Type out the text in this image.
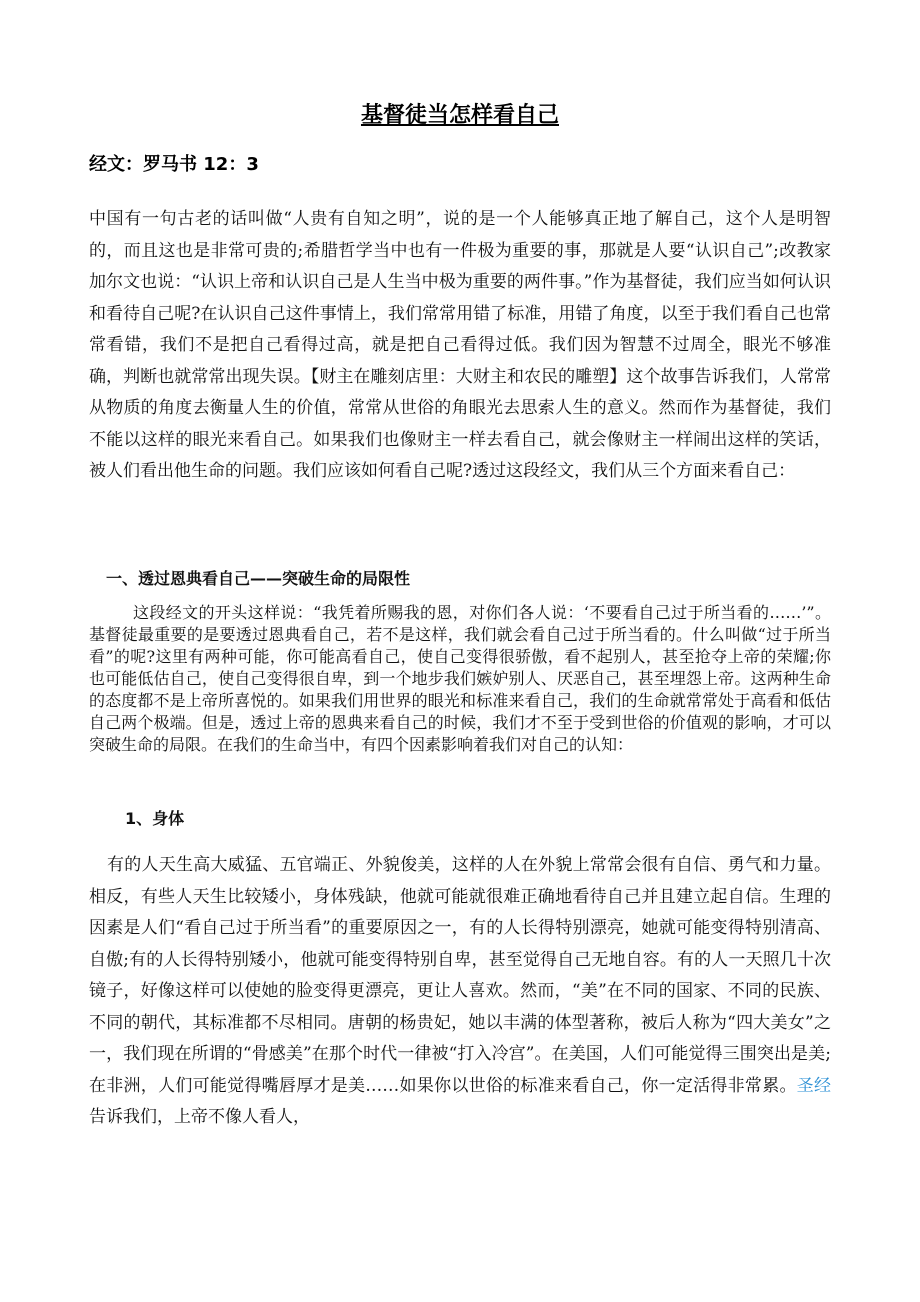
基督徒当怎样看自己

经文：罗马书 12：3

中国有一句古老的话叫做“人贵有自知之明”，说的是一个人能够真正地了解自己，这个人是明智的，而且这也是非常可贵的;希腊哲学当中也有一件极为重要的事，那就是人要“认识自己”;改教家加尔文也说：“认识上帝和认识自己是人生当中极为重要的两件事。”作为基督徒，我们应当如何认识和看待自己呢?在认识自己这件事情上，我们常常用错了标准，用错了角度，以至于我们看自己也常常看错，我们不是把自己看得过高，就是把自己看得过低。我们因为智慧不过周全，眼光不够准确，判断也就常常出现失误。【财主在雕刻店里：大财主和农民的雕塑】这个故事告诉我们，人常常从物质的角度去衡量人生的价值，常常从世俗的角眼光去思索人生的意义。然而作为基督徒，我们不能以这样的眼光来看自己。如果我们也像财主一样去看自己，就会像财主一样闹出这样的笑话，被人们看出他生命的问题。我们应该如何看自己呢?透过这段经文，我们从三个方面来看自己：

一、透过恩典看自己——突破生命的局限性

这段经文的开头这样说：“我凭着所赐我的恩，对你们各人说：‘不要看自己过于所当看的……’”。基督徒最重要的是要透过恩典看自己，若不是这样，我们就会看自己过于所当看的。什么叫做“过于所当看”的呢?这里有两种可能，你可能高看自己，使自己变得很骄傲，看不起别人，甚至抢夺上帝的荣耀;你也可能低估自己，使自己变得很自卑，到一个地步我们嫉妒别人、厌恶自己，甚至埋怨上帝。这两种生命的态度都不是上帝所喜悦的。如果我们用世界的眼光和标准来看自己，我们的生命就常常处于高看和低估自己两个极端。但是，透过上帝的恩典来看自己的时候，我们才不至于受到世俗的价值观的影响，才可以突破生命的局限。在我们的生命当中，有四个因素影响着我们对自己的认知：

1、身体

有的人天生高大威猛、五官端正、外貌俊美，这样的人在外貌上常常会很有自信、勇气和力量。相反，有些人天生比较矮小，身体残缺，他就可能就很难正确地看待自己并且建立起自信。生理的因素是人们“看自己过于所当看”的重要原因之一，有的人长得特别漂亮，她就可能变得特别清高、自傲;有的人长得特别矮小，他就可能变得特别自卑，甚至觉得自己无地自容。有的人一天照几十次镜子，好像这样可以使她的脸变得更漂亮，更让人喜欢。然而，“美”在不同的国家、不同的民族、不同的朝代，其标准都不尽相同。唐朝的杨贵妃，她以丰满的体型著称，被后人称为“四大美女”之一，我们现在所谓的“骨感美”在那个时代一律被“打入冷宫”。在美国，人们可能觉得三围突出是美;在非洲，人们可能觉得嘴唇厚才是美……如果你以世俗的标准来看自己，你一定活得非常累。圣经告诉我们，上帝不像人看人，
